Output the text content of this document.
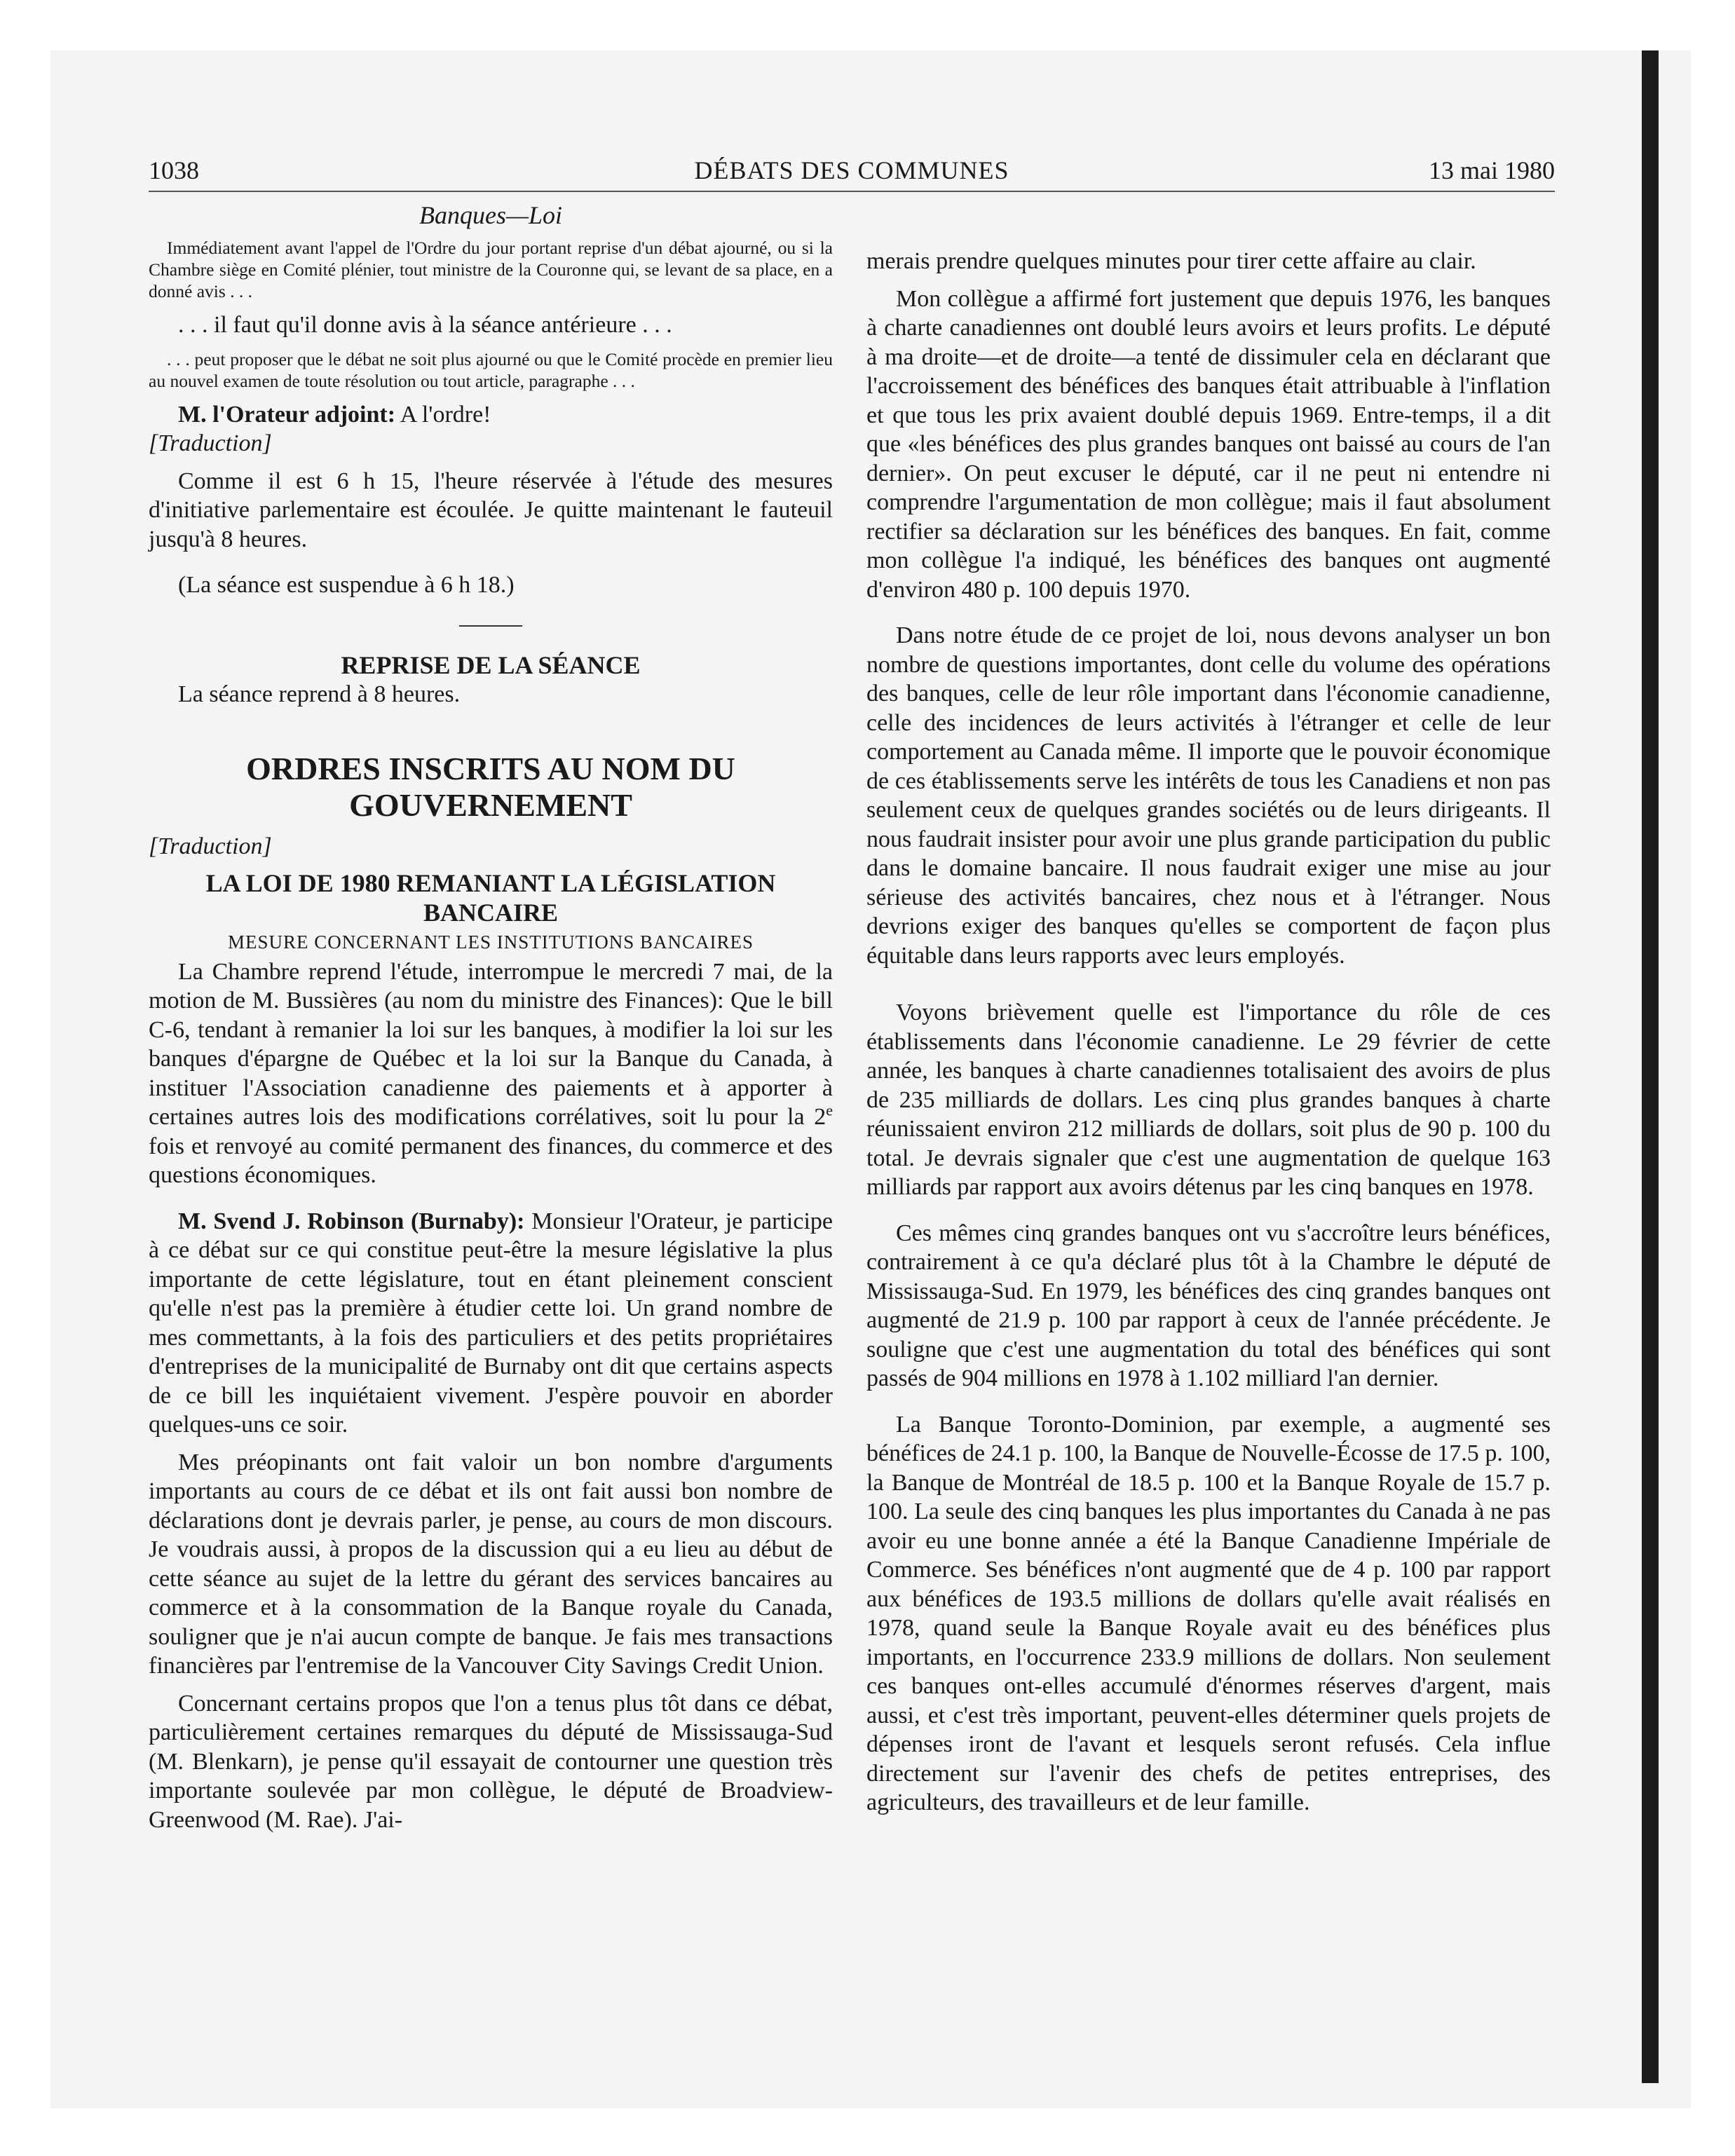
1038	DÉBATS DES COMMUNES	13 mai 1980
Banques—Loi

Immédiatement avant l'appel de l'Ordre du jour portant reprise d'un débat ajourné, ou si la Chambre siège en Comité plénier, tout ministre de la Couronne qui, se levant de sa place, en a donné avis . . .

. . . il faut qu'il donne avis à la séance antérieure . . .

. . . peut proposer que le débat ne soit plus ajourné ou que le Comité procède en premier lieu au nouvel examen de toute résolution ou tout article, paragraphe . . .

M. l'Orateur adjoint: A l'ordre!

[Traduction]

Comme il est 6 h 15, l'heure réservée à l'étude des mesures d'initiative parlementaire est écoulée. Je quitte maintenant le fauteuil jusqu'à 8 heures.

(La séance est suspendue à 6 h 18.)

REPRISE DE LA SÉANCE

La séance reprend à 8 heures.

ORDRES INSCRITS AU NOM DU
GOUVERNEMENT

[Traduction]

LA LOI DE 1980 REMANIANT LA LÉGISLATION
BANCAIRE
MESURE CONCERNANT LES INSTITUTIONS BANCAIRES

La Chambre reprend l'étude, interrompue le mercredi 7 mai, de la motion de M. Bussières (au nom du ministre des Finances): Que le bill C-6, tendant à remanier la loi sur les banques, à modifier la loi sur les banques d'épargne de Québec et la loi sur la Banque du Canada, à instituer l'Association canadienne des paiements et à apporter à certaines autres lois des modifications corrélatives, soit lu pour la 2e fois et renvoyé au comité permanent des finances, du commerce et des questions économiques.

M. Svend J. Robinson (Burnaby): Monsieur l'Orateur, je participe à ce débat sur ce qui constitue peut-être la mesure législative la plus importante de cette législature, tout en étant pleinement conscient qu'elle n'est pas la première à étudier cette loi. Un grand nombre de mes commettants, à la fois des particuliers et des petits propriétaires d'entreprises de la municipalité de Burnaby ont dit que certains aspects de ce bill les inquiétaient vivement. J'espère pouvoir en aborder quelques-uns ce soir.

Mes préopinants ont fait valoir un bon nombre d'arguments importants au cours de ce débat et ils ont fait aussi bon nombre de déclarations dont je devrais parler, je pense, au cours de mon discours. Je voudrais aussi, à propos de la discussion qui a eu lieu au début de cette séance au sujet de la lettre du gérant des services bancaires au commerce et à la consommation de la Banque royale du Canada, souligner que je n'ai aucun compte de banque. Je fais mes transactions financières par l'entremise de la Vancouver City Savings Credit Union.

Concernant certains propos que l'on a tenus plus tôt dans ce débat, particulièrement certaines remarques du député de Mississauga-Sud (M. Blenkarn), je pense qu'il essayait de contourner une question très importante soulevée par mon collègue, le député de Broadview-Greenwood (M. Rae). J'ai-

merais prendre quelques minutes pour tirer cette affaire au clair.

Mon collègue a affirmé fort justement que depuis 1976, les banques à charte canadiennes ont doublé leurs avoirs et leurs profits. Le député à ma droite—et de droite—a tenté de dissimuler cela en déclarant que l'accroissement des bénéfices des banques était attribuable à l'inflation et que tous les prix avaient doublé depuis 1969. Entre-temps, il a dit que «les bénéfices des plus grandes banques ont baissé au cours de l'an dernier». On peut excuser le député, car il ne peut ni entendre ni comprendre l'argumentation de mon collègue; mais il faut absolument rectifier sa déclaration sur les bénéfices des banques. En fait, comme mon collègue l'a indiqué, les bénéfices des banques ont augmenté d'environ 480 p. 100 depuis 1970.

Dans notre étude de ce projet de loi, nous devons analyser un bon nombre de questions importantes, dont celle du volume des opérations des banques, celle de leur rôle important dans l'économie canadienne, celle des incidences de leurs activités à l'étranger et celle de leur comportement au Canada même. Il importe que le pouvoir économique de ces établissements serve les intérêts de tous les Canadiens et non pas seulement ceux de quelques grandes sociétés ou de leurs dirigeants. Il nous faudrait insister pour avoir une plus grande participation du public dans le domaine bancaire. Il nous faudrait exiger une mise au jour sérieuse des activités bancaires, chez nous et à l'étranger. Nous devrions exiger des banques qu'elles se comportent de façon plus équitable dans leurs rapports avec leurs employés.

Voyons brièvement quelle est l'importance du rôle de ces établissements dans l'économie canadienne. Le 29 février de cette année, les banques à charte canadiennes totalisaient des avoirs de plus de 235 milliards de dollars. Les cinq plus grandes banques à charte réunissaient environ 212 milliards de dollars, soit plus de 90 p. 100 du total. Je devrais signaler que c'est une augmentation de quelque 163 milliards par rapport aux avoirs détenus par les cinq banques en 1978.

Ces mêmes cinq grandes banques ont vu s'accroître leurs bénéfices, contrairement à ce qu'a déclaré plus tôt à la Chambre le député de Mississauga-Sud. En 1979, les bénéfices des cinq grandes banques ont augmenté de 21.9 p. 100 par rapport à ceux de l'année précédente. Je souligne que c'est une augmentation du total des bénéfices qui sont passés de 904 millions en 1978 à 1.102 milliard l'an dernier.

La Banque Toronto-Dominion, par exemple, a augmenté ses bénéfices de 24.1 p. 100, la Banque de Nouvelle-Écosse de 17.5 p. 100, la Banque de Montréal de 18.5 p. 100 et la Banque Royale de 15.7 p. 100. La seule des cinq banques les plus importantes du Canada à ne pas avoir eu une bonne année a été la Banque Canadienne Impériale de Commerce. Ses bénéfices n'ont augmenté que de 4 p. 100 par rapport aux bénéfices de 193.5 millions de dollars qu'elle avait réalisés en 1978, quand seule la Banque Royale avait eu des bénéfices plus importants, en l'occurrence 233.9 millions de dollars. Non seulement ces banques ont-elles accumulé d'énormes réserves d'argent, mais aussi, et c'est très important, peuvent-elles déterminer quels projets de dépenses iront de l'avant et lesquels seront refusés. Cela influe directement sur l'avenir des chefs de petites entreprises, des agriculteurs, des travailleurs et de leur famille.
